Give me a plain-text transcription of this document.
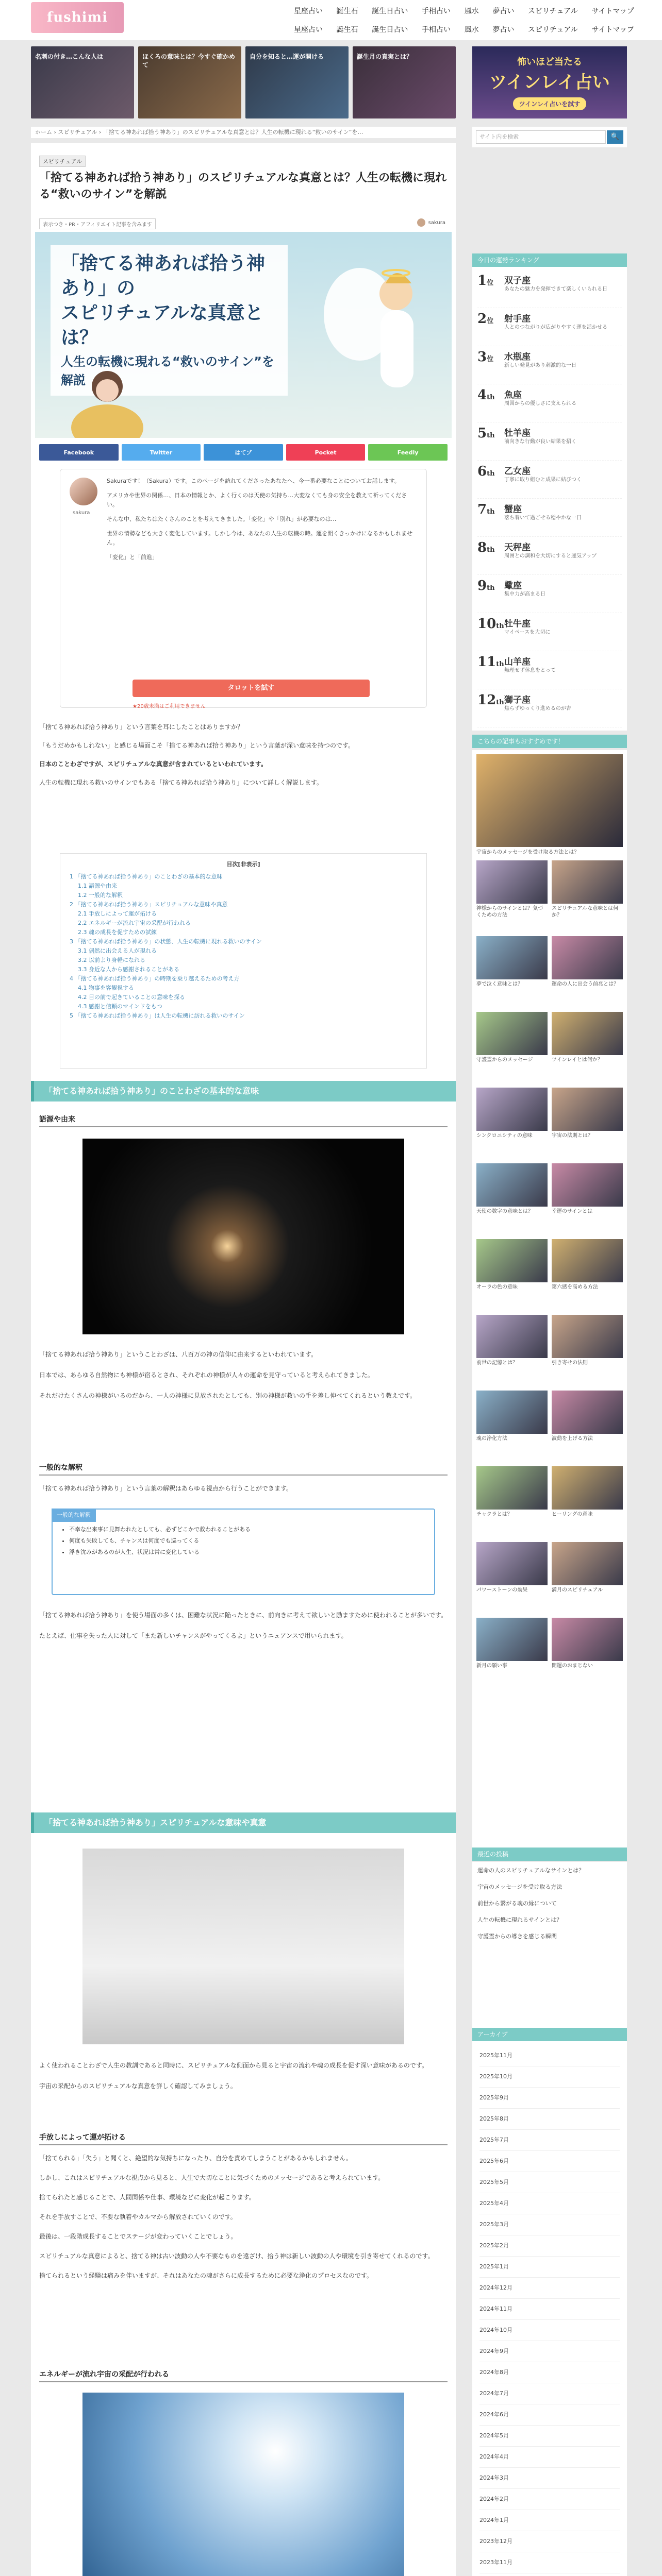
fushimi	星座占い 誕生石 誕生日占い 手相占い 風水 夢占い スピリチュアル サイトマップ
星座占い 誕生石 誕生日占い 手相占い 風水 夢占い スピリチュアル サイトマップ
名刺の付き…こんな人は	ほくろの意味とは？今すぐ確かめて
自分を知ると…運が開ける	誕生月の真実とは？	怖いほど当たる
ツインレイ占い
ツインレイ占いを試す
ホーム › スピリチュアル › 「捨てる神あれば拾う神あり」のスピリチュアルな真意とは？人生の転機に現れる“救いのサイン”を…
スピリチュアル
「捨てる神あれば拾う神あり」のスピリチュアルな真意とは？人生の転機に現れる“救いのサイン”を解説
表示つき・PR・アフィリエイト記事を含みます	sakura
「捨てる神あれば拾う神あり」の
スピリチュアルな真意とは？
人生の転機に現れる“救いのサイン”を解説
Facebook	Twitter	はてブ	Pocket	Feedly
sakura

Sakuraです！（Sakura）です。このページを訪れてくださったあなたへ、今一番必要なことについてお話します。

アメリカや世界の関係…、日本の情報とか、よく行くのは天使の気持ち…大変なくても身の安全を教えて祈ってください。

そんな中、私たちはたくさんのことを考えてきました。「変化」や「別れ」が必要なのは…

世界の情勢なども大きく変化しています。しかし今は、あなたの人生の転機の時。運を開くきっかけになるかもしれません。

「変化」と「前進」

タロットを試す
★20歳未満はご利用できません

「捨てる神あれば拾う神あり」という言葉を耳にしたことはありますか？

「もうだめかもしれない」と感じる場面こそ「捨てる神あれば拾う神あり」という言葉が深い意味を持つのです。

日本のことわざですが、スピリチュアルな真意が含まれているといわれています。

人生の転機に現れる救いのサインでもある「捨てる神あれば拾う神あり」について詳しく解説します。

目次[非表示]
1 「捨てる神あれば拾う神あり」のことわざの基本的な意味
1.1 語源や由来
1.2 一般的な解釈
2 「捨てる神あれば拾う神あり」スピリチュアルな意味や真意
2.1 手放しによって運が拓ける
2.2 エネルギーが流れ宇宙の采配が行われる
2.3 魂の成長を促すための試練
3 「捨てる神あれば拾う神あり」の状態、人生の転機に現れる救いのサイン
3.1 偶然に出会える人が現れる
3.2 以前より身軽になれる
3.3 身近な人から感謝されることがある
4 「捨てる神あれば拾う神あり」の時期を乗り越えるための考え方
4.1 物事を客観視する
4.2 目の前で起きていることの意味を探る
4.3 感謝と信頼のマインドをもつ
5 「捨てる神あれば拾う神あり」は人生の転機に訪れる救いのサイン
「捨てる神あれば拾う神あり」のことわざの基本的な意味
語源や由来

「捨てる神あれば拾う神あり」ということわざは、八百万の神の信仰に由来するといわれています。

日本では、あらゆる自然物にも神様が宿るとされ、それぞれの神様が人々の運命を見守っていると考えられてきました。

それだけたくさんの神様がいるのだから、一人の神様に見放されたとしても、別の神様が救いの手を差し伸べてくれるという教えです。

一般的な解釈
「捨てる神あれば拾う神あり」という言葉の解釈はあらゆる視点から行うことができます。
一般的な解釈
• 不幸な出来事に見舞われたとしても、必ずどこかで救われることがある
• 何度も失敗しても、チャンスは何度でも巡ってくる
• 浮き沈みがあるのが人生、状況は常に変化している

「捨てる神あれば拾う神あり」を使う場面の多くは、困難な状況に陥ったときに、前向きに考えて欲しいと励ますために使われることが多いです。

たとえば、仕事を失った人に対して「また新しいチャンスがやってくるよ」というニュアンスで用いられます。

「捨てる神あれば拾う神あり」スピリチュアルな意味や真意

よく使われることわざで人生の教訓であると同時に、スピリチュアルな側面から見ると宇宙の流れや魂の成長を促す深い意味があるのです。

宇宙の采配からのスピリチュアルな真意を詳しく確認してみましょう。

手放しによって運が拓ける

「捨てられる」「失う」と聞くと、絶望的な気持ちになったり、自分を責めてしまうことがあるかもしれません。

しかし、これはスピリチュアルな視点から見ると、人生で大切なことに気づくためのメッセージであると考えられています。

捨てられたと感じることで、人間関係や仕事、環境などに変化が起こります。

それを手放すことで、不要な執着やカルマから解放されていくのです。

最後は、一段階成長することでステージが変わっていくことでしょう。

スピリチュアルな真意によると、捨てる神は古い波動の人や不要なものを遠ざけ、拾う神は新しい波動の人や環境を引き寄せてくれるのです。

捨てられるという経験は痛みを伴いますが、それはあなたの魂がさらに成長するために必要な浄化のプロセスなのです。

エネルギーが流れ宇宙の采配が行われる
サイト内を検索	🔍
今日の運勢ランキング
1位	双子座
あなたの魅力を発揮できて楽しくいられる日
2位	射手座
人とのつながりが広がりやすく運を活かせる
3位	水瓶座
新しい発見があり刺激的な一日
4th	魚座
周囲からの優しさに支えられる
5th	牡羊座
前向きな行動が良い結果を招く
6th	乙女座
丁寧に取り組むと成果に結びつく
7th	蟹座
落ち着いて過ごせる穏やかな一日
8th	天秤座
周囲との調和を大切にすると運気アップ
9th	蠍座
集中力が高まる日
10th 牡牛座
マイペースを大切に
11th 山羊座
無理せず休息をとって
12th 獅子座
焦らずゆっくり進めるのが吉
こちらの記事もおすすめです！
宇宙からのメッセージを受け取る方法とは？
神様からのサインとは？気づくための方法
スピリチュアルな意味とは何か？
夢で泣く意味とは？	運命の人に出会う前兆とは？
守護霊からのメッセージ	ツインレイとは何か？
シンクロニシティの意味	宇宙の法則とは？
天使の数字の意味とは？	幸運のサインとは
オーラの色の意味	第六感を高める方法
前世の記憶とは？	引き寄せの法則
魂の浄化方法	波動を上げる方法
チャクラとは？	ヒーリングの意味
パワーストーンの効果	満月のスピリチュアル
新月の願い事	開運のおまじない
最近の投稿

運命の人のスピリチュアルなサインとは？

宇宙のメッセージを受け取る方法

前世から繋がる魂の縁について

人生の転機に現れるサインとは？

守護霊からの導きを感じる瞬間

アーカイブ
2025年11月
2025年10月
2025年9月
2025年8月
2025年7月
2025年6月
2025年5月
2025年4月
2025年3月
2025年2月
2025年1月
2024年12月
2024年11月
2024年10月
2024年9月
2024年8月
2024年7月
2024年6月
2024年5月
2024年4月
2024年3月
2024年2月
2024年1月
2023年12月
2023年11月
